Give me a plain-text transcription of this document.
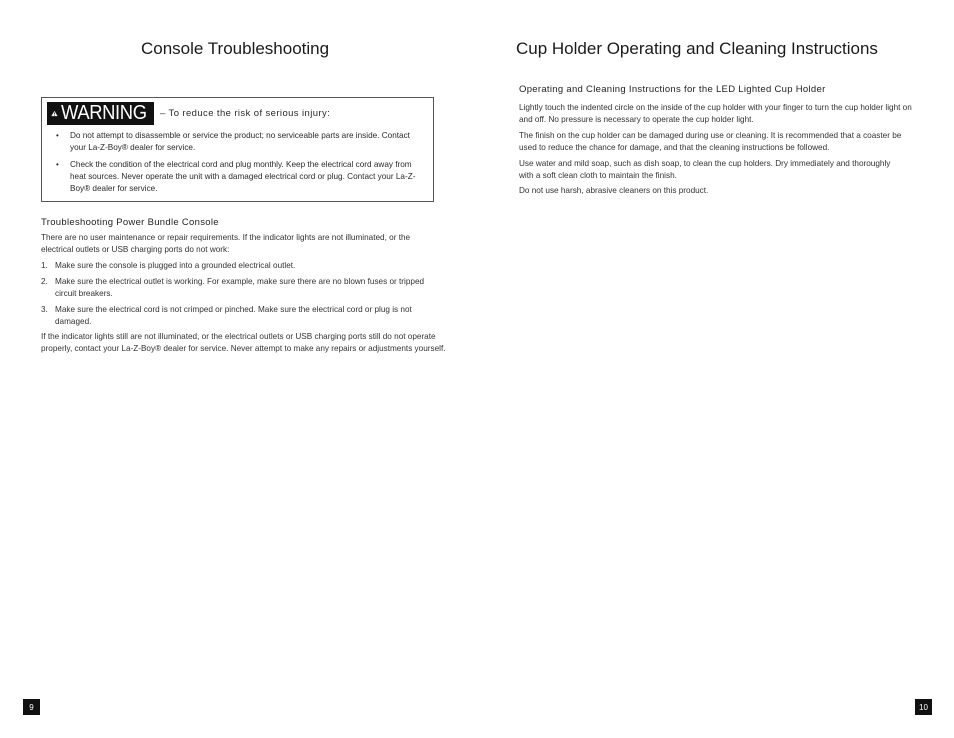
Console Troubleshooting	Cup Holder Operating and Cleaning Instructions
WARNING – To reduce the risk of serious injury:
• Do not attempt to disassemble or service the product; no serviceable parts are inside. Contact your La-Z-Boy® dealer for service.
• Check the condition of the electrical cord and plug monthly. Keep the electrical cord away from heat sources. Never operate the unit with a damaged electrical cord or plug. Contact your La-Z-Boy® dealer for service.
Troubleshooting Power Bundle Console
There are no user maintenance or repair requirements. If the indicator lights are not illuminated, or the electrical outlets or USB charging ports do not work:
1. Make sure the console is plugged into a grounded electrical outlet.
2. Make sure the electrical outlet is working. For example, make sure there are no blown fuses or tripped circuit breakers.
3. Make sure the electrical cord is not crimped or pinched. Make sure the electrical cord or plug is not damaged.
If the indicator lights still are not illuminated, or the electrical outlets or USB charging ports still do not operate properly, contact your La-Z-Boy® dealer for service. Never attempt to make any repairs or adjustments yourself.
Operating and Cleaning Instructions for the LED Lighted Cup Holder
Lightly touch the indented circle on the inside of the cup holder with your finger to turn the cup holder light on and off. No pressure is necessary to operate the cup holder light.
The finish on the cup holder can be damaged during use or cleaning. It is recommended that a coaster be used to reduce the chance for damage, and that the cleaning instructions be followed.
Use water and mild soap, such as dish soap, to clean the cup holders. Dry immediately and thoroughly with a soft clean cloth to maintain the finish.
Do not use harsh, abrasive cleaners on this product.
9	10
